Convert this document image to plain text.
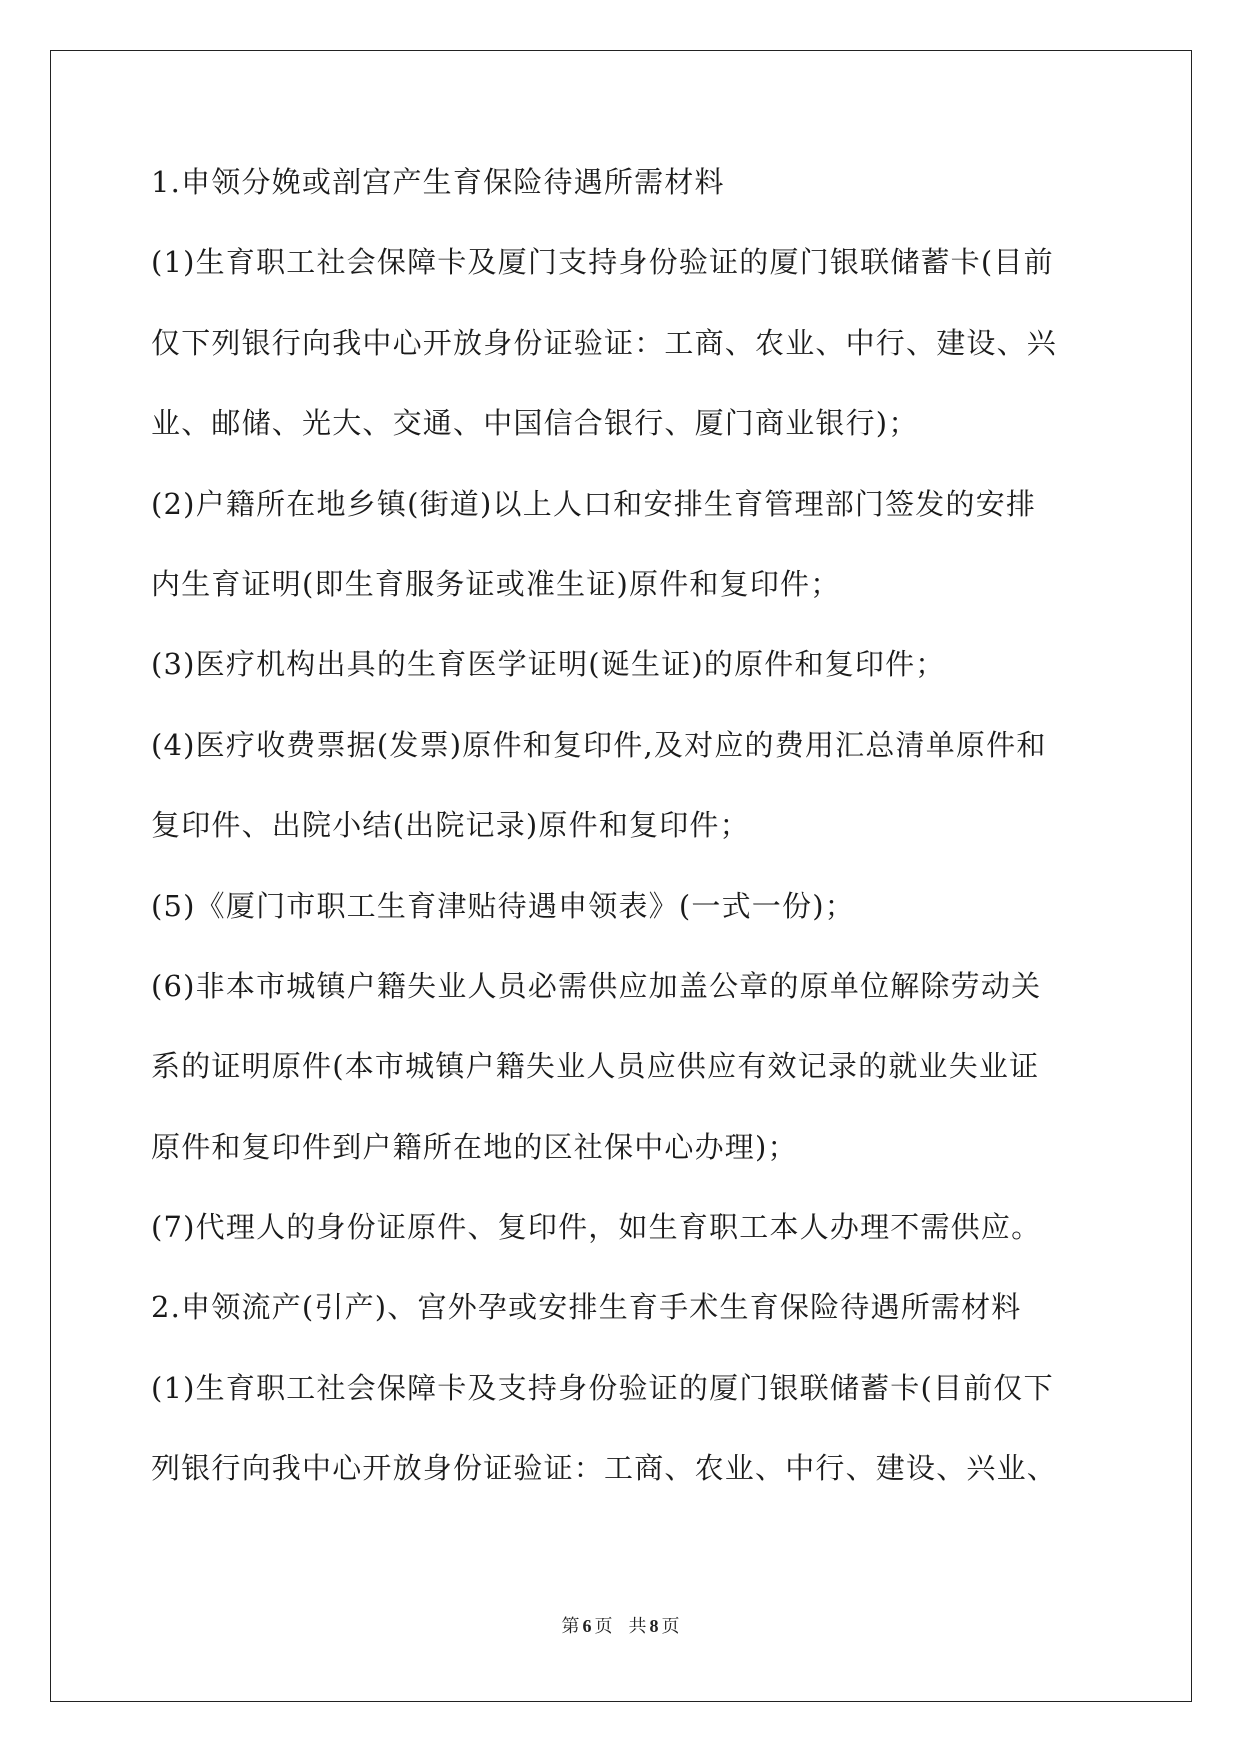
1.申领分娩或剖宫产生育保险待遇所需材料
(1)生育职工社会保障卡及厦门支持身份验证的厦门银联储蓄卡(目前
仅下列银行向我中心开放身份证验证：工商、农业、中行、建设、兴
业、邮储、光大、交通、中国信合银行、厦门商业银行)；
(2)户籍所在地乡镇(街道)以上人口和安排生育管理部门签发的安排
内生育证明(即生育服务证或准生证)原件和复印件；
(3)医疗机构出具的生育医学证明(诞生证)的原件和复印件；
(4)医疗收费票据(发票)原件和复印件,及对应的费用汇总清单原件和
复印件、出院小结(出院记录)原件和复印件；
(5)《厦门市职工生育津贴待遇申领表》(一式一份)；
(6)非本市城镇户籍失业人员必需供应加盖公章的原单位解除劳动关
系的证明原件(本市城镇户籍失业人员应供应有效记录的就业失业证
原件和复印件到户籍所在地的区社保中心办理)；
(7)代理人的身份证原件、复印件，如生育职工本人办理不需供应。
2.申领流产(引产)、宫外孕或安排生育手术生育保险待遇所需材料
(1)生育职工社会保障卡及支持身份验证的厦门银联储蓄卡(目前仅下
列银行向我中心开放身份证验证：工商、农业、中行、建设、兴业、
第 6 页 共 8 页
